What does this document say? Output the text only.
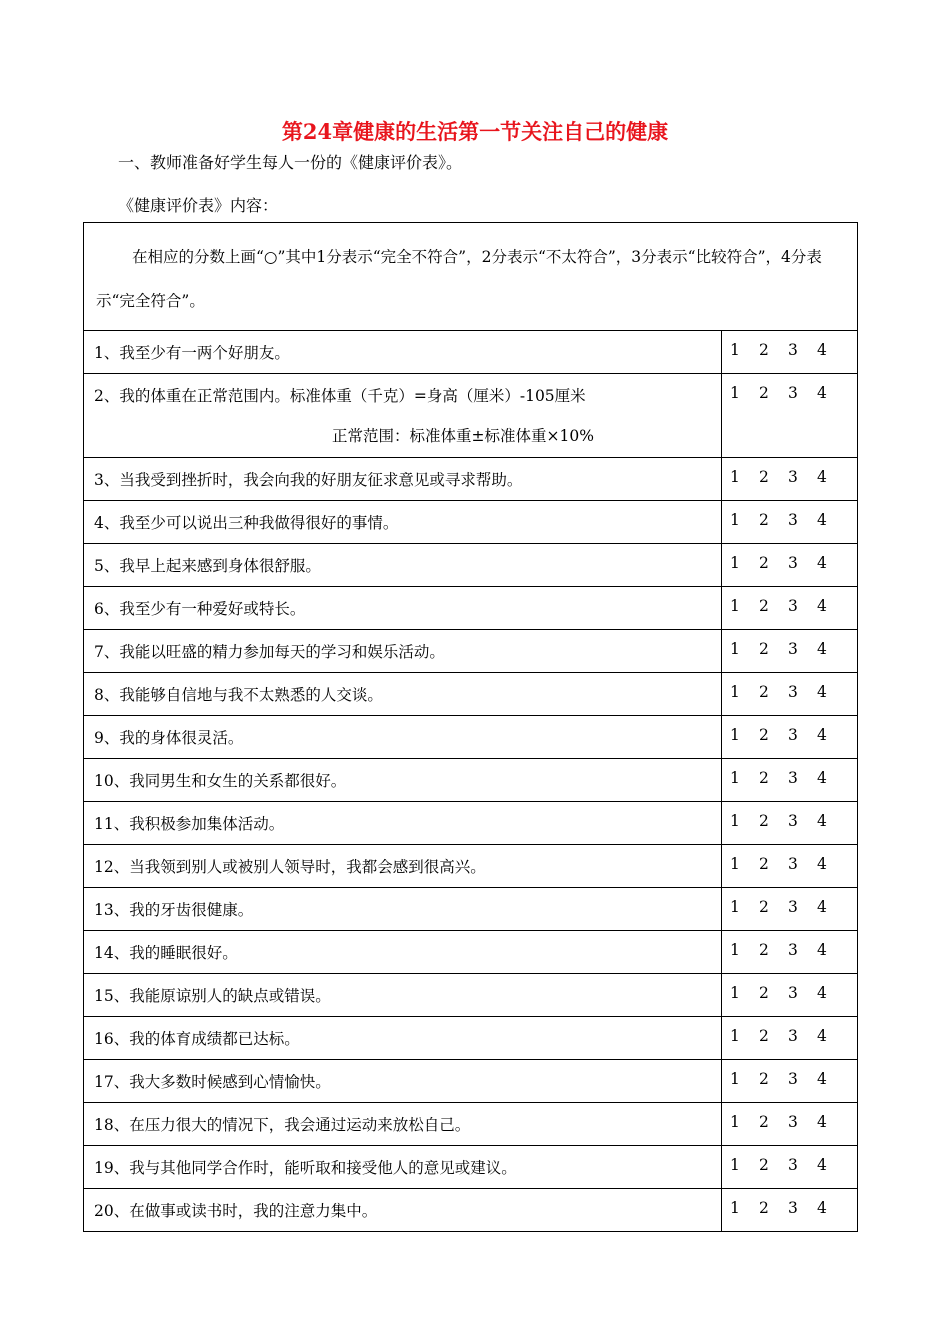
第24章健康的生活第一节关注自己的健康
一、教师准备好学生每人一份的《健康评价表》。
《健康评价表》内容：
在相应的分数上画“○”其中1分表示“完全不符合”，2分表示“不太符合”，3分表示“比较符合”，4分表示“完全符合”。	
1、我至少有一两个好朋友。	1 2 3 4
2、我的体重在正常范围内。标准体重（千克）=身高（厘米）-105厘米
正常范围：标准体重±标准体重×10%	1 2 3 4
3、当我受到挫折时，我会向我的好朋友征求意见或寻求帮助。	1 2 3 4
4、我至少可以说出三种我做得很好的事情。	1 2 3 4
5、我早上起来感到身体很舒服。	1 2 3 4
6、我至少有一种爱好或特长。	1 2 3 4
7、我能以旺盛的精力参加每天的学习和娱乐活动。	1 2 3 4
8、我能够自信地与我不太熟悉的人交谈。	1 2 3 4
9、我的身体很灵活。	1 2 3 4
10、我同男生和女生的关系都很好。	1 2 3 4
11、我积极参加集体活动。	1 2 3 4
12、当我领到别人或被别人领导时，我都会感到很高兴。	1 2 3 4
13、我的牙齿很健康。	1 2 3 4
14、我的睡眠很好。	1 2 3 4
15、我能原谅别人的缺点或错误。	1 2 3 4
16、我的体育成绩都已达标。	1 2 3 4
17、我大多数时候感到心情愉快。	1 2 3 4
18、在压力很大的情况下，我会通过运动来放松自己。	1 2 3 4
19、我与其他同学合作时，能听取和接受他人的意见或建议。	1 2 3 4
20、在做事或读书时，我的注意力集中。	1 2 3 4
